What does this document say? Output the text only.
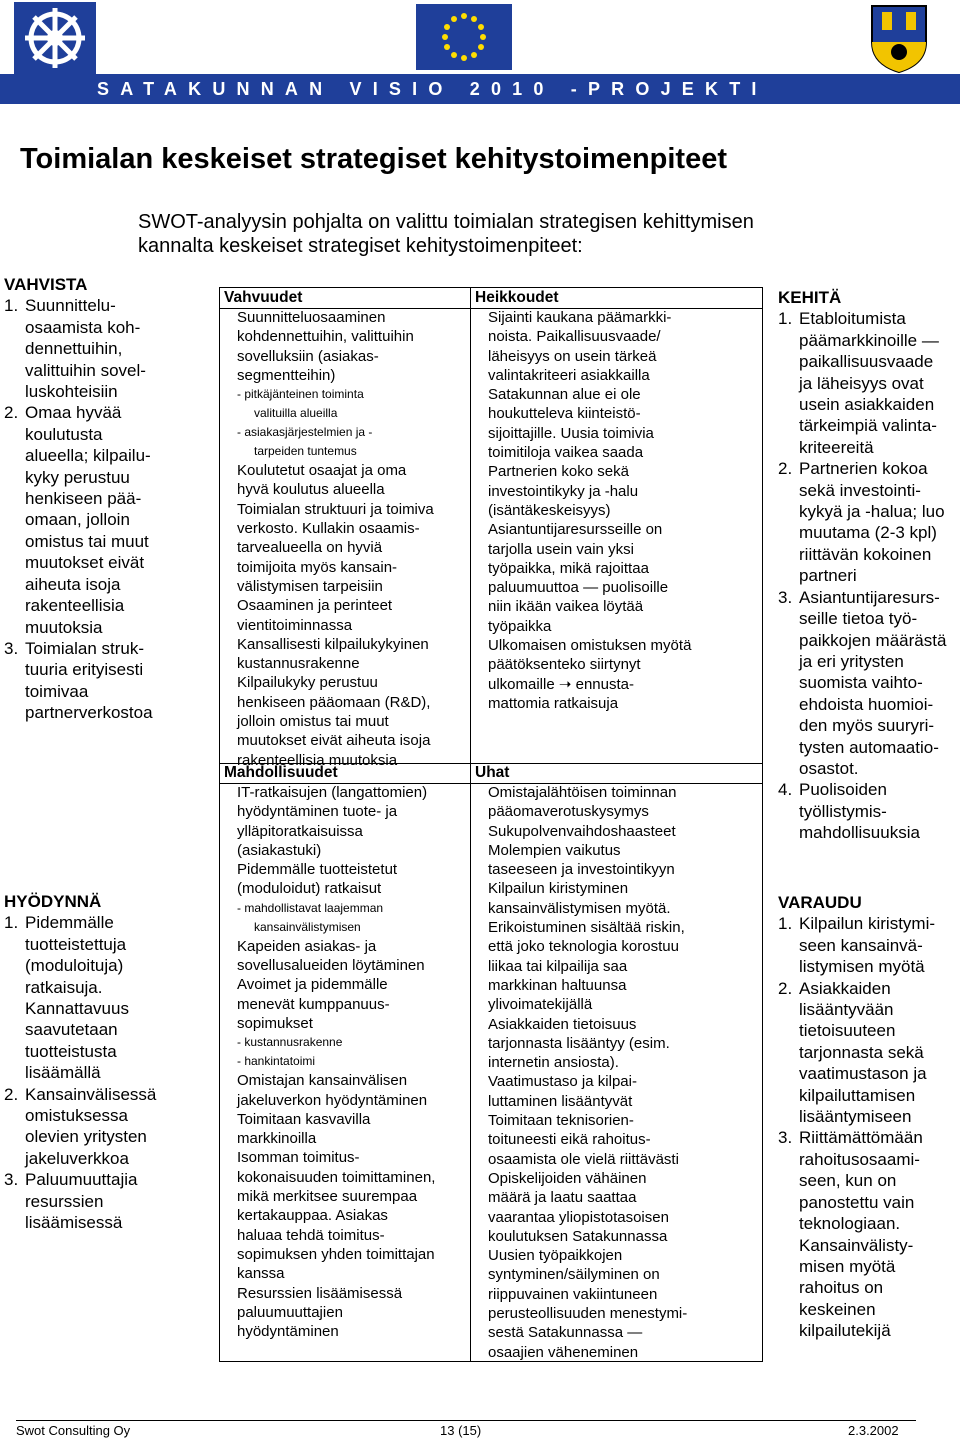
SATAKUNNAN VISIO 2010 -PROJEKTI
Toimialan keskeiset strategiset kehitystoimenpiteet
SWOT-analyysin pohjalta on valittu toimialan strategisen kehittymisen
kannalta keskeiset strategiset kehitystoimenpiteet:
VAHVISTA
1. Suunnittelu-
osaamista koh-
dennettuihin,
valittuihin sovel-
luskohteisiin
2. Omaa hyvää
koulutusta
alueella; kilpailu-
kyky perustuu
henkiseen pää-
omaan, jolloin
omistus tai muut
muutokset eivät
aiheuta isoja
rakenteellisia
muutoksia
3. Toimialan struk-
tuuria erityisesti
toimivaa
partnerverkostoa
HYÖDYNNÄ
1. Pidemmälle
tuotteistettuja
(moduloituja)
ratkaisuja.
Kannattavuus
saavutetaan
tuotteistusta
lisäämällä
2. Kansainvälisessä
omistuksessa
olevien yritysten
jakeluverkkoa
3. Paluumuuttajia
resurssien
lisäämisessä
KEHITÄ
1. Etabloitumista
päämarkkinoille —
paikallisuusvaade
ja läheisyys ovat
usein asiakkaiden
tärkeimpiä valinta-
kriteereitä
2. Partnerien kokoa
sekä investointi-
kykyä ja -halua; luo
muutama (2-3 kpl)
riittävän kokoinen
partneri
3. Asiantuntijaresurs-
seille tietoa työ-
paikkojen määrästä
ja eri yritysten
suomista vaihto-
ehdoista huomioi-
den myös suuryri-
tysten automaatio-
osastot.
4. Puolisoiden
työllistymis-
mahdollisuuksia
VARAUDU
1. Kilpailun kiristymi-
seen kansainvä-
listymisen myötä
2. Asiakkaiden
lisääntyvään
tietoisuuteen
tarjonnasta sekä
vaatimustason ja
kilpailuttamisen
lisääntymiseen
3. Riittämättömään
rahoitusosaami-
seen, kun on
panostettu vain
teknologiaan.
Kansainvälisty-
misen myötä
rahoitus on
keskeinen
kilpailutekijä
Vahvuudet

Suunnitteluosaaminen

kohdennettuihin, valittuihin

sovelluksiin (asiakas-

segmentteihin)

- pitkäjänteinen toiminta

valituilla alueilla

- asiakasjärjestelmien ja -

tarpeiden tuntemus

Koulutetut osaajat ja oma

hyvä koulutus alueella

Toimialan struktuuri ja toimiva

verkosto. Kullakin osaamis-

tarvealueella on hyviä

toimijoita myös kansain-

välistymisen tarpeisiin

Osaaminen ja perinteet

vientitoiminnassa

Kansallisesti kilpailukykyinen

kustannusrakenne

Kilpailukyky perustuu

henkiseen pääomaan (R&D),

jolloin omistus tai muut

muutokset eivät aiheuta isoja

rakenteellisia muutoksia

Heikkoudet

Sijainti kaukana päämarkki-

noista. Paikallisuusvaade/

läheisyys on usein tärkeä

valintakriteeri asiakkailla

Satakunnan alue ei ole

houkutteleva kiinteistö-

sijoittajille. Uusia toimivia

toimitiloja vaikea saada

Partnerien koko sekä

investointikyky ja -halu

(isäntäkeskeisyys)

Asiantuntijaresursseille on

tarjolla usein vain yksi

työpaikka, mikä rajoittaa

paluumuuttoa — puolisoille

niin ikään vaikea löytää

työpaikka

Ulkomaisen omistuksen myötä

päätöksenteko siirtynyt

ulkomaille ➝ ennusta-

mattomia ratkaisuja

Mahdollisuudet

IT-ratkaisujen (langattomien)

hyödyntäminen tuote- ja

ylläpitoratkaisuissa

(asiakastuki)

Pidemmälle tuotteistetut

(moduloidut) ratkaisut

- mahdollistavat laajemman

kansainvälistymisen

Kapeiden asiakas- ja

sovellusalueiden löytäminen

Avoimet ja pidemmälle

menevät kumppanuus-

sopimukset

- kustannusrakenne

- hankintatoimi

Omistajan kansainvälisen

jakeluverkon hyödyntäminen

Toimitaan kasvavilla

markkinoilla

Isomman toimitus-

kokonaisuuden toimittaminen,

mikä merkitsee suurempaa

kertakauppaa. Asiakas

haluaa tehdä toimitus-

sopimuksen yhden toimittajan

kanssa

Resurssien lisäämisessä

paluumuuttajien

hyödyntäminen

Uhat

Omistajalähtöisen toiminnan

pääomaverotuskysymys

Sukupolvenvaihdoshaasteet

Molempien vaikutus

taseeseen ja investointikyyn

Kilpailun kiristyminen

kansainvälistymisen myötä.

Erikoistuminen sisältää riskin,

että joko teknologia korostuu

liikaa tai kilpailija saa

markkinan haltuunsa

ylivoimatekijällä

Asiakkaiden tietoisuus

tarjonnasta lisääntyy (esim.

internetin ansiosta).

Vaatimustaso ja kilpai-

luttaminen lisääntyvät

Toimitaan teknisorien-

toituneesti eikä rahoitus-

osaamista ole vielä riittävästi

Opiskelijoiden vähäinen

määrä ja laatu saattaa

vaarantaa yliopistotasoisen

koulutuksen Satakunnassa

Uusien työpaikkojen

syntyminen/säilyminen on

riippuvainen vakiintuneen

perusteollisuuden menestymi-

sestä Satakunnassa —

osaajien väheneminen

Swot Consulting Oy	13 (15)	2.3.2002
